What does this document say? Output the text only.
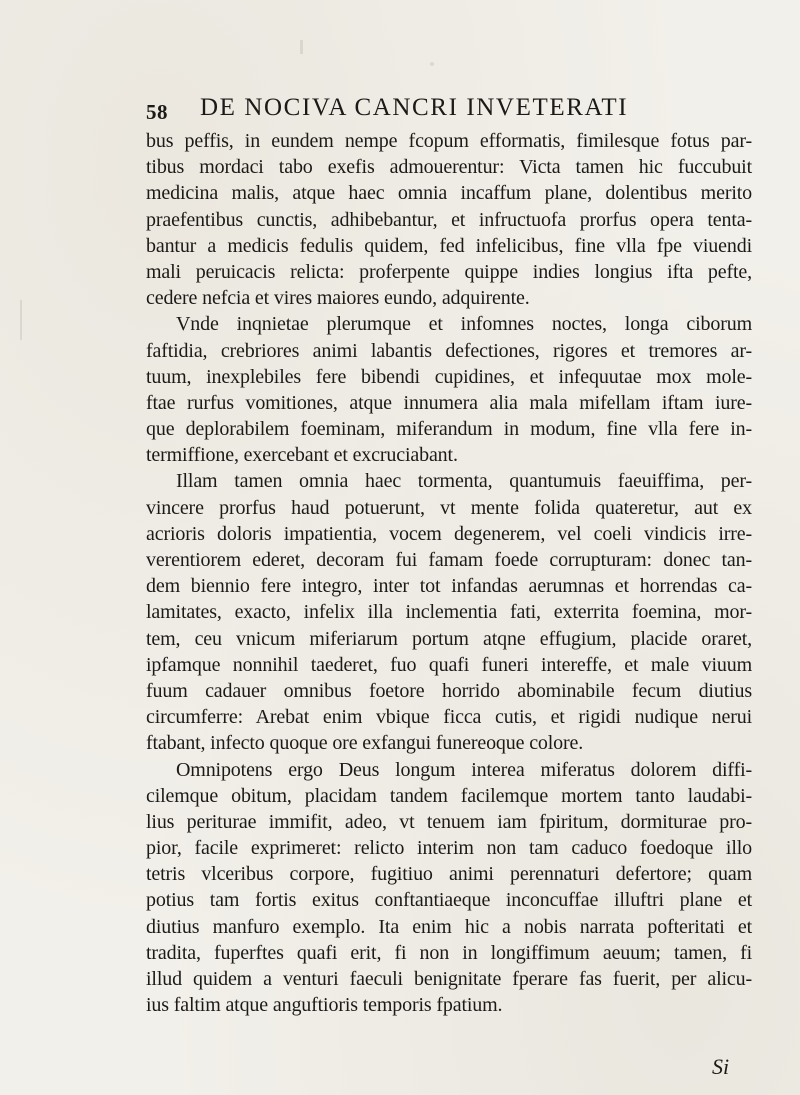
58 DE NOCIVA CANCRI INVETERATI
bus peffis, in eundem nempe fcopum efformatis, fimilesque fotus par-
tibus mordaci tabo exefis admouerentur: Victa tamen hic fuccubuit
medicina malis, atque haec omnia incaffum plane, dolentibus merito
praefentibus cunctis, adhibebantur, et infructuofa prorfus opera tenta-
bantur a medicis fedulis quidem, fed infelicibus, fine vlla fpe viuendi
mali peruicacis relicta: proferpente quippe indies longius ifta pefte,
cedere nefcia et vires maiores eundo, adquirente.
Vnde inqnietae plerumque et infomnes noctes, longa ciborum
faftidia, crebriores animi labantis defectiones, rigores et tremores ar-
tuum, inexplebiles fere bibendi cupidines, et infequutae mox mole-
ftae rurfus vomitiones, atque innumera alia mala mifellam iftam iure-
que deplorabilem foeminam, miferandum in modum, fine vlla fere in-
termiffione, exercebant et excruciabant.
Illam tamen omnia haec tormenta, quantumuis faeuiffima, per-
vincere prorfus haud potuerunt, vt mente folida quateretur, aut ex
acrioris doloris impatientia, vocem degenerem, vel coeli vindicis irre-
verentiorem ederet, decoram fui famam foede corrupturam: donec tan-
dem biennio fere integro, inter tot infandas aerumnas et horrendas ca-
lamitates, exacto, infelix illa inclementia fati, exterrita foemina, mor-
tem, ceu vnicum miferiarum portum atqne effugium, placide oraret,
ipfamque nonnihil taederet, fuo quafi funeri intereffe, et male viuum
fuum cadauer omnibus foetore horrido abominabile fecum diutius
circumferre: Arebat enim vbique ficca cutis, et rigidi nudique nerui
ftabant, infecto quoque ore exfangui funereoque colore.
Omnipotens ergo Deus longum interea miferatus dolorem diffi-
cilemque obitum, placidam tandem facilemque mortem tanto laudabi-
lius perituraе immifit, adeo, vt tenuem iam fpiritum, dormiturae pro-
pior, facile exprimeret: relicto interim non tam caduco foedoque illo
tetris vlceribus corpore, fugitiuo animi perennaturi defertore; quam
potius tam fortis exitus conftantiaeque inconcuffae illuftri plane et
diutius manfuro exemplo. Ita enim hic a nobis narrata pofteritati et
tradita, fuperftes quafi erit, fi non in longiffimum aeuum; tamen, fi
illud quidem a venturi faeculi benignitate fperare fas fuerit, per alicu-
ius faltim atque anguftioris temporis fpatium.
Si
